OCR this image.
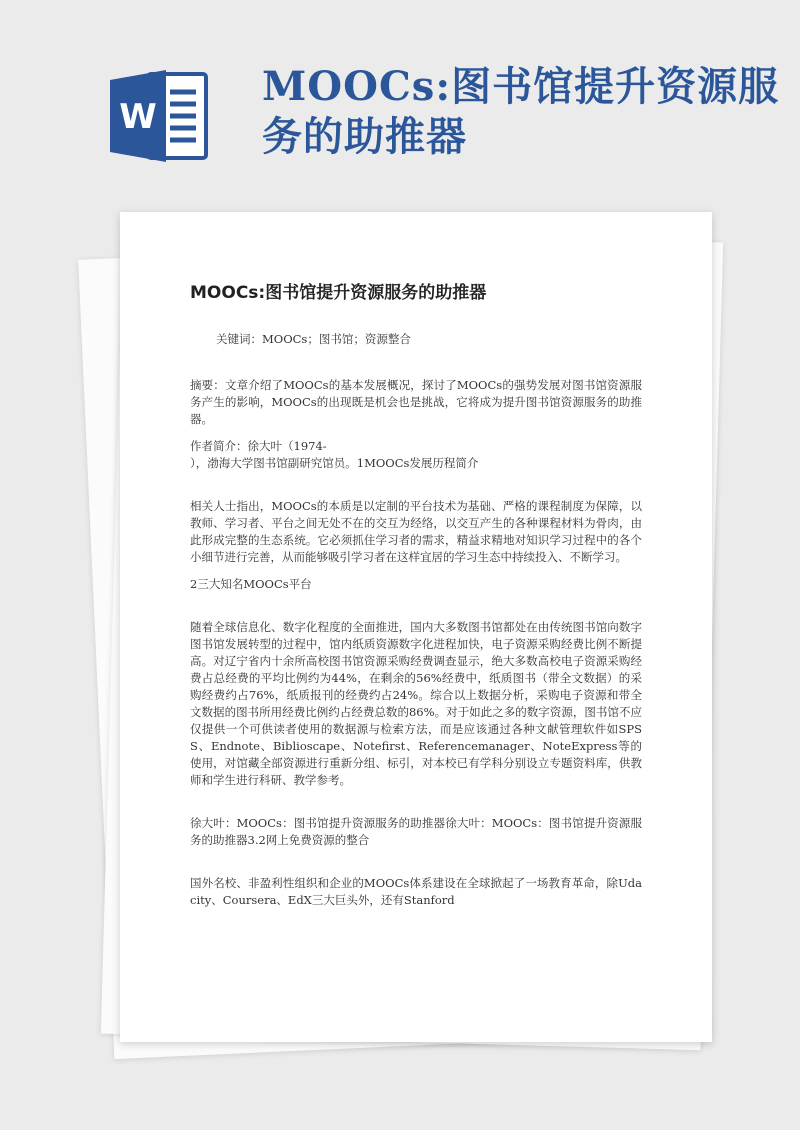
W
MOOCs:图书馆提升资源服务的助推器
MOOCs:图书馆提升资源服务的助推器
关键词：MOOCs；图书馆；资源整合

摘要：文章介绍了MOOCs的基本发展概况，探讨了MOOCs的强势发展对图书馆资源服务产生的影响，MOOCs的出现既是机会也是挑战，它将成为提升图书馆资源服务的助推器。

作者简介：徐大叶（1974-

），渤海大学图书馆副研究馆员。1MOOCs发展历程简介

相关人士指出，MOOCs的本质是以定制的平台技术为基础、严格的课程制度为保障，以教师、学习者、平台之间无处不在的交互为经络，以交互产生的各种课程材料为骨肉，由此形成完整的生态系统。它必须抓住学习者的需求，精益求精地对知识学习过程中的各个小细节进行完善，从而能够吸引学习者在这样宜居的学习生态中持续投入、不断学习。

2三大知名MOOCs平台

随着全球信息化、数字化程度的全面推进，国内大多数图书馆都处在由传统图书馆向数字图书馆发展转型的过程中，馆内纸质资源数字化进程加快，电子资源采购经费比例不断提高。对辽宁省内十余所高校图书馆资源采购经费调查显示，绝大多数高校电子资源采购经费占总经费的平均比例约为44%，在剩余的56%经费中，纸质图书（带全文数据）的采购经费约占76%，纸质报刊的经费约占24%。综合以上数据分析，采购电子资源和带全文数据的图书所用经费比例约占经费总数的86%。对于如此之多的数字资源，图书馆不应仅提供一个可供读者使用的数据源与检索方法，而是应该通过各种文献管理软件如SPSS、Endnote、Biblioscape、Notefirst、Referencemanager、NoteExpress等的使用，对馆藏全部资源进行重新分组、标引，对本校已有学科分别设立专题资料库，供教师和学生进行科研、教学参考。

徐大叶：MOOCs：图书馆提升资源服务的助推器徐大叶：MOOCs：图书馆提升资源服务的助推器3.2网上免费资源的整合

国外名校、非盈利性组织和企业的MOOCs体系建设在全球掀起了一场教育革命，除Udacity、Coursera、EdX三大巨头外，还有Stanford
